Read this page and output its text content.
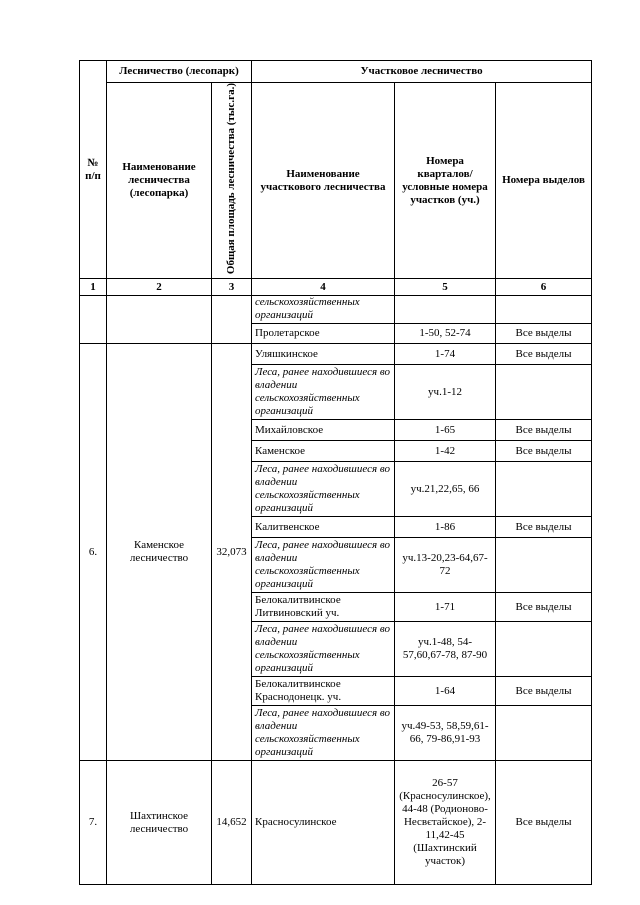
№ п/п	Лесничество (лесопарк)		Участковое лесничество		
	Наименование лесничества (лесопарка)	Общая площадь лесничества (тыс.га.)	Наименование участкового лесничества	Номера кварталов/ условные номера участков (уч.)	Номера выделов
1	2	3	4	5	6
			сельскохозяйственных организаций		
			Пролетарское	1-50, 52-74	Все выделы
6.	Каменское лесничество	32,073	Уляшкинское	1-74	Все выделы
			Леса, ранее находившиеся во владении сельскохозяйственных организаций	уч.1-12	
			Михайловское	1-65	Все выделы
			Каменское	1-42	Все выделы
			Леса, ранее находившиеся во владении сельскохозяйственных организаций	уч.21,22,65, 66	
			Калитвенское	1-86	Все выделы
			Леса, ранее находившиеся во владении сельскохозяйственных организаций	уч.13-20,23-64,67-72	
			Белокалитвинское Литвиновский уч.	1-71	Все выделы
			Леса, ранее находившиеся во владении сельскохозяйственных организаций	уч.1-48, 54-57,60,67-78, 87-90	
			Белокалитвинское Краснодонецк. уч.	1-64	Все выделы
			Леса, ранее находившиеся во владении сельскохозяйственных организаций	уч.49-53, 58,59,61-66, 79-86,91-93	
7.	Шахтинское лесничество	14,652	Красносулинское	26-57 (Красносулинское), 44-48 (Родионово-Несвєтайское), 2-11,42-45 (Шахтинский участок)	Все выделы
